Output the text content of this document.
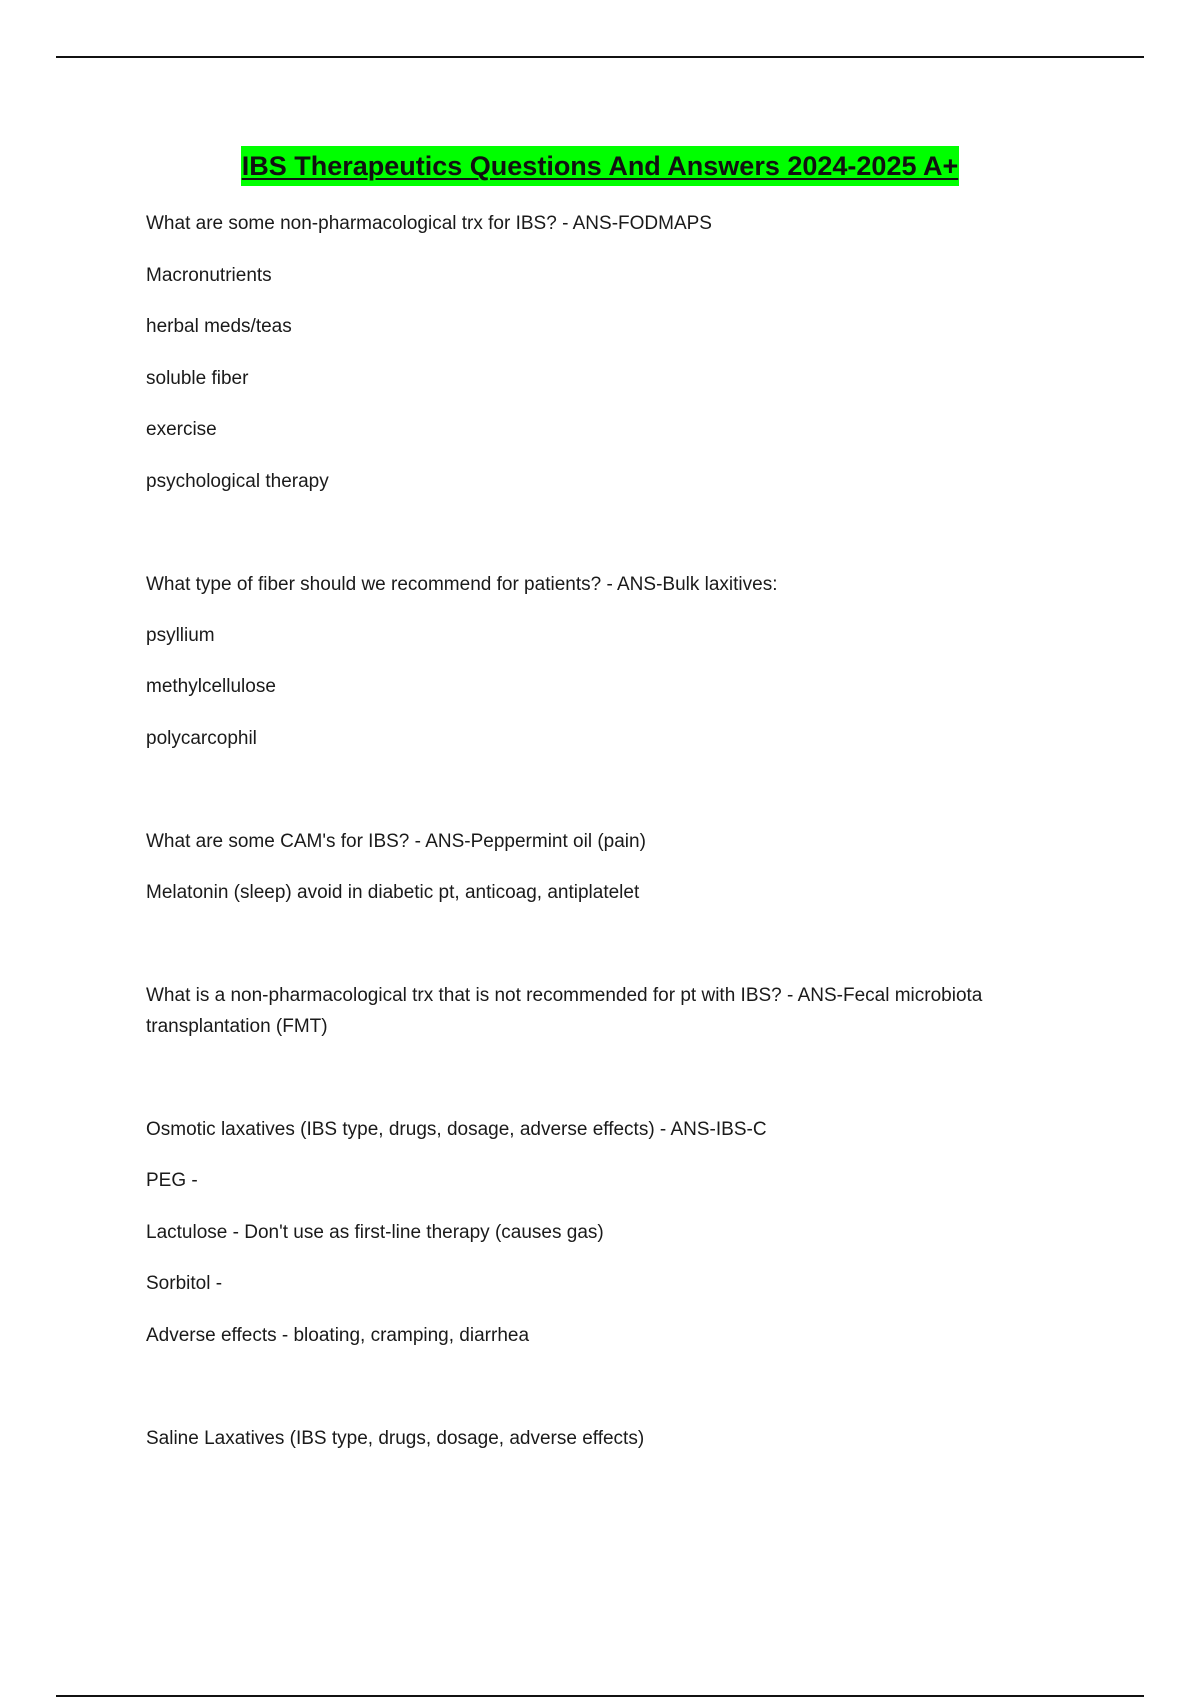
IBS Therapeutics Questions And Answers 2024-2025 A+
What are some non-pharmacological trx for IBS? - ANS-FODMAPS
Macronutrients
herbal meds/teas
soluble fiber
exercise
psychological therapy
What type of fiber should we recommend for patients? - ANS-Bulk laxitives:
psyllium
methylcellulose
polycarcophil
What are some CAM's for IBS? - ANS-Peppermint oil (pain)
Melatonin (sleep) avoid in diabetic pt, anticoag, antiplatelet
What is a non-pharmacological trx that is not recommended for pt with IBS? - ANS-Fecal microbiota transplantation (FMT)
Osmotic laxatives (IBS type, drugs, dosage, adverse effects) - ANS-IBS-C
PEG -
Lactulose - Don't use as first-line therapy (causes gas)
Sorbitol -
Adverse effects - bloating, cramping, diarrhea
Saline Laxatives (IBS type, drugs, dosage, adverse effects)
